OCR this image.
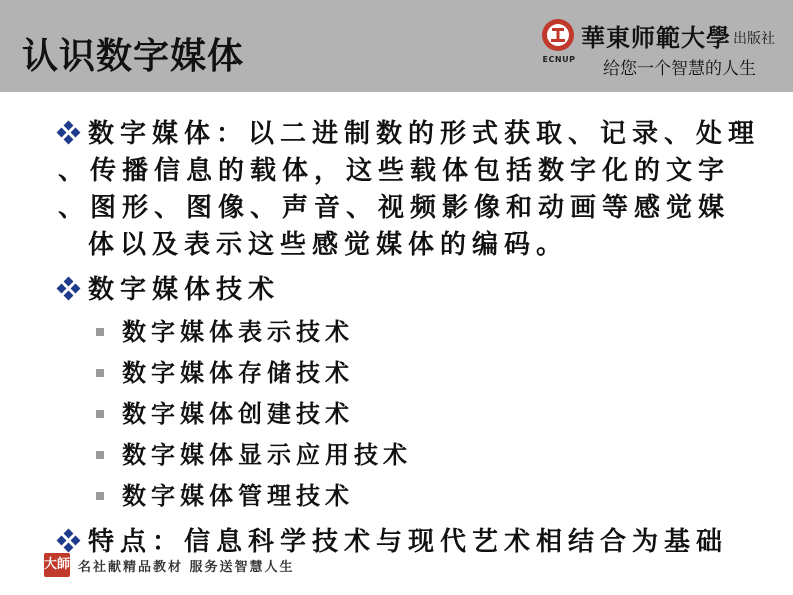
认识数字媒体	ECNUP
華東师範大學 出版社
给您一个智慧的人生
数字媒体：以二进制数的形式获取、记录、处理
、传播信息的载体，这些载体包括数字化的文字
、图形、图像、声音、视频影像和动画等感觉媒
体以及表示这些感觉媒体的编码。
数字媒体技术
数字媒体表示技术
数字媒体存储技术
数字媒体创建技术
数字媒体显示应用技术
数字媒体管理技术
特点：信息科学技术与现代艺术相结合为基础
大師 名社献精品教材 服务送智慧人生
